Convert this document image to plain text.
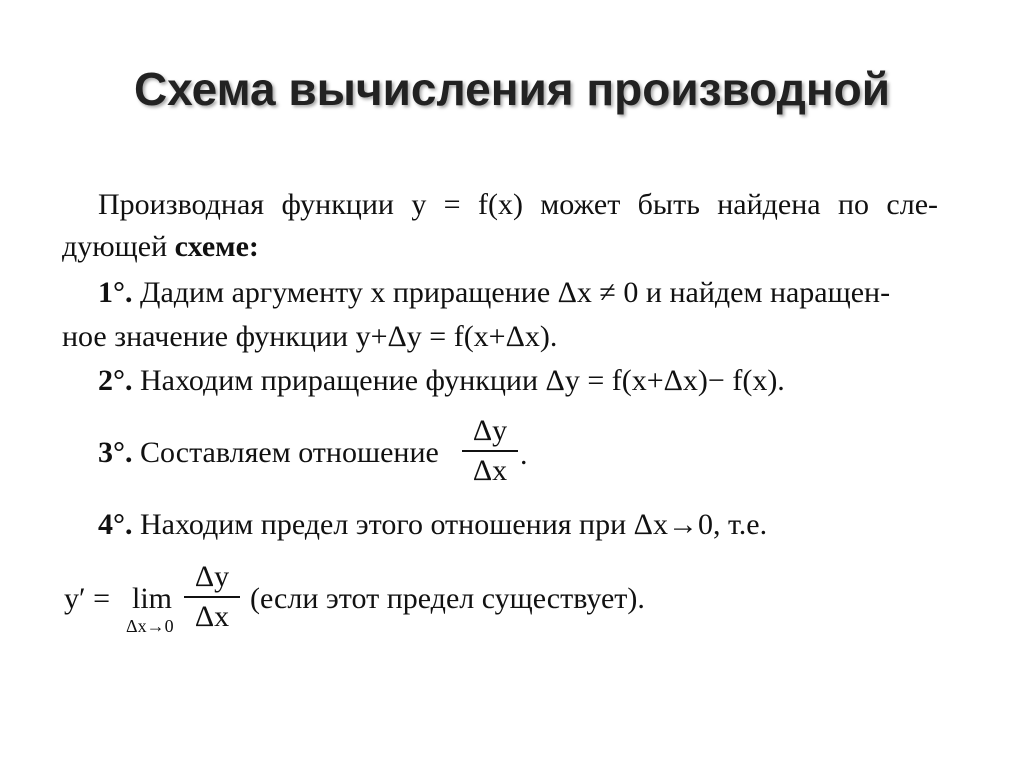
Схема вычисления производной
Производная функции y = f(x) может быть найдена по сле-
дующей схеме:
1°. Дадим аргументу x приращение Δx ≠ 0 и найдем наращен-
ное значение функции y+Δy = f(x+Δx).
2°. Находим приращение функции Δy = f(x+Δx)− f(x).
3°. Составляем отношение
Δy
Δx .
4°. Находим предел этого отношения при Δx→0, т.е.
y′ = lim
Δx→0
Δy
Δx
(если этот предел существует).
